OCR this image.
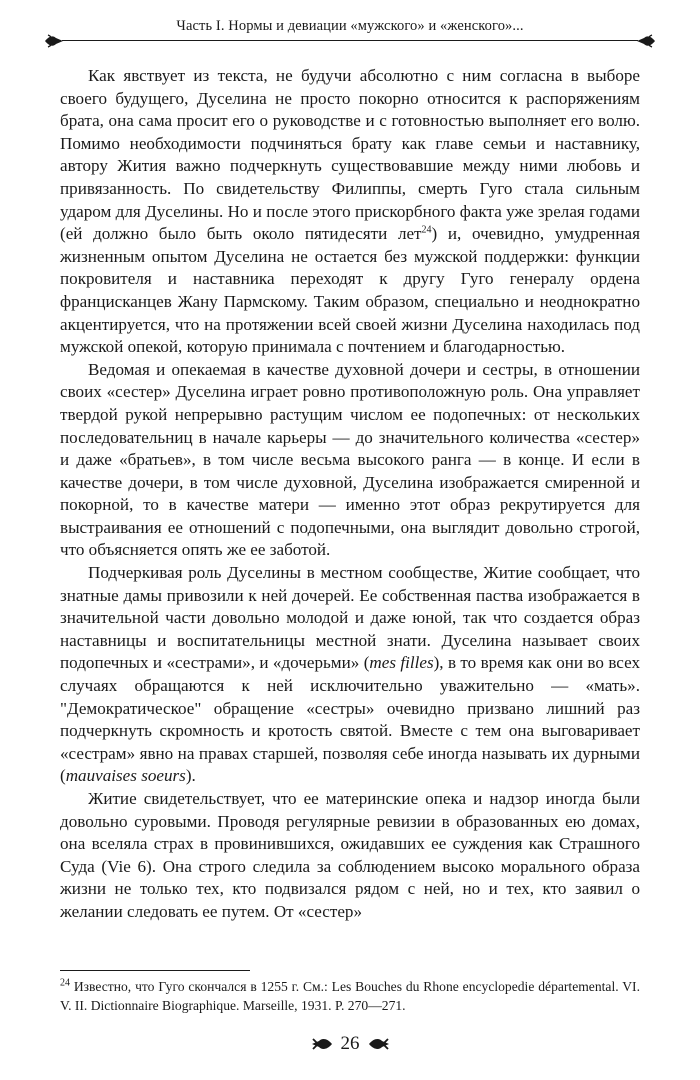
Часть I. Нормы и девиации «мужского» и «женского»...

Как явствует из текста, не будучи абсолютно с ним согласна в выборе своего будущего, Дуселина не просто покорно относится к распоряжениям брата, она сама просит его о руководстве и с готовностью выполняет его волю. Помимо необходимости подчиняться брату как главе семьи и наставнику, автору Жития важно подчеркнуть существовавшие между ними любовь и привязанность. По свидетельству Филиппы, смерть Гуго стала сильным ударом для Дуселины. Но и после этого прискорбного факта уже зрелая годами (ей должно было быть около пятидесяти лет$^{24}$) и, очевидно, умудренная жизненным опытом Дуселина не остается без мужской поддержки: функции покровителя и наставника переходят к другу Гуго генералу ордена францисканцев Жану Пармскому. Таким образом, специально и неоднократно акцентируется, что на протяжении всей своей жизни Дуселина находилась под мужской опекой, которую принимала с почтением и благодарностью.

Ведомая и опекаемая в качестве духовной дочери и сестры, в отношении своих «сестер» Дуселина играет ровно противоположную роль. Она управляет твердой рукой непрерывно растущим числом ее подопечных: от нескольких последовательниц в начале карьеры — до значительного количества «сестер» и даже «братьев», в том числе весьма высокого ранга — в конце. И если в качестве дочери, в том числе духовной, Дуселина изображается смиренной и покорной, то в качестве матери — именно этот образ рекрутируется для выстраивания ее отношений с подопечными, она выглядит довольно строгой, что объясняется опять же ее заботой.

Подчеркивая роль Дуселины в местном сообществе, Житие сообщает, что знатные дамы привозили к ней дочерей. Ее собственная паства изображается в значительной части довольно молодой и даже юной, так что создается образ наставницы и воспитательницы местной знати. Дуселина называет своих подопечных и «сестрами», и «дочерьми» (mes filles), в то время как они во всех случаях обращаются к ней исключительно уважительно — «мать». "Демократическое" обращение «сестры» очевидно призвано лишний раз подчеркнуть скромность и кротость святой. Вместе с тем она выговаривает «сестрам» явно на правах старшей, позволяя себе иногда называть их дурными (mauvaises soeurs).

Житие свидетельствует, что ее материнские опека и надзор иногда были довольно суровыми. Проводя регулярные ревизии в образованных ею домах, она вселяла страх в провинившихся, ожидавших ее суждения как Страшного Суда (Vie 6). Она строго следила за соблюдением высоко морального образа жизни не только тех, кто подвизался рядом с ней, но и тех, кто заявил о желании следовать ее путем. От «сестер»

$^{24}$ Известно, что Гуго скончался в 1255 г. См.: Les Bouches du Rhone encyclopedie départemental. VI. V. II. Dictionnaire Biographique. Marseille, 1931. P. 270—271.

26
